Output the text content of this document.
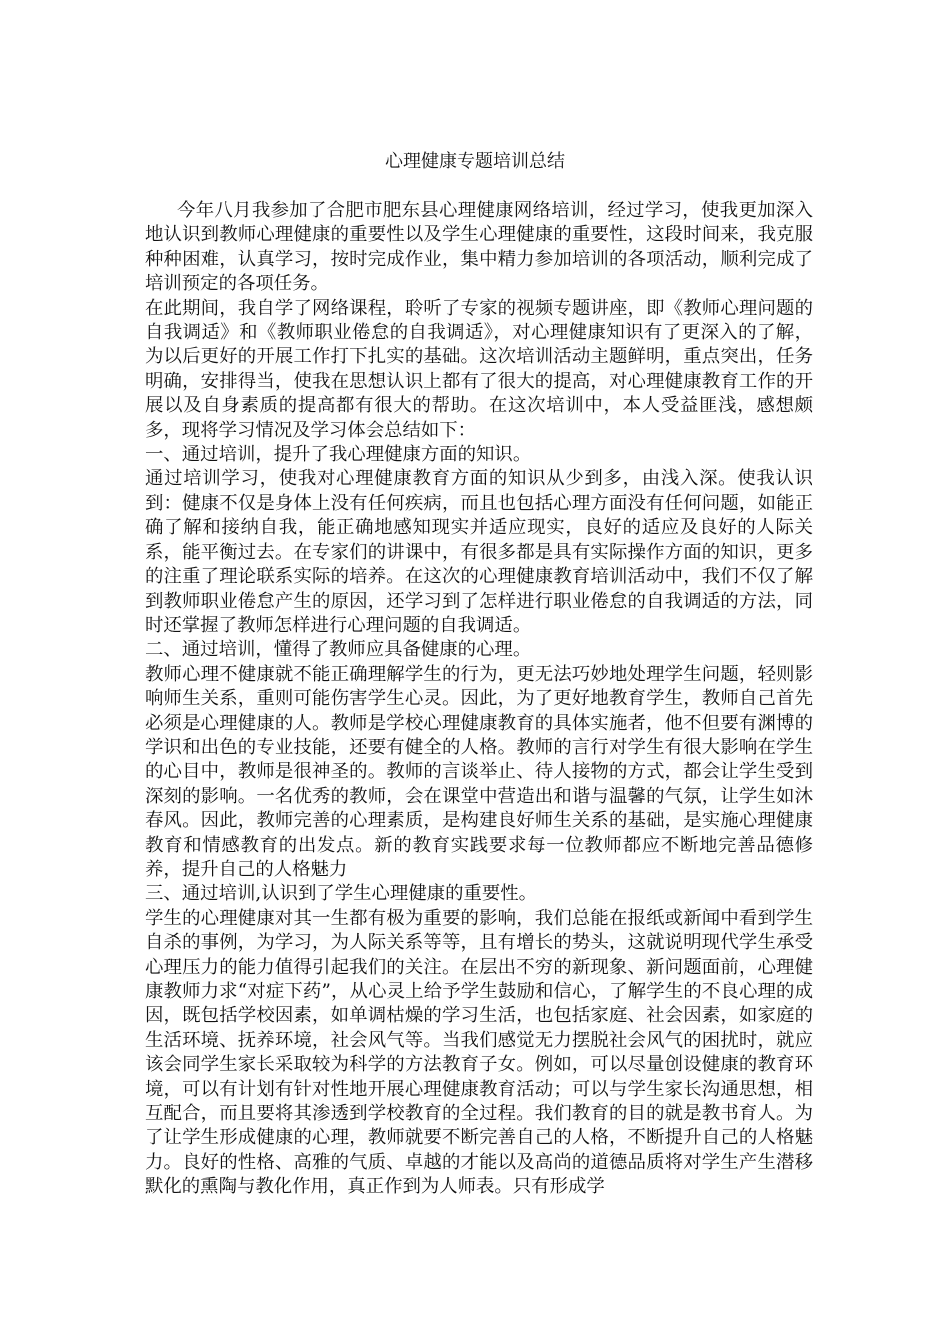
心理健康专题培训总结

今年八月我参加了合肥市肥东县心理健康网络培训，经过学习，使我更加深入地认识到教师心理健康的重要性以及学生心理健康的重要性，这段时间来，我克服种种困难，认真学习，按时完成作业，集中精力参加培训的各项活动，顺利完成了培训预定的各项任务。

在此期间，我自学了网络课程，聆听了专家的视频专题讲座，即《教师心理问题的自我调适》和《教师职业倦怠的自我调适》，对心理健康知识有了更深入的了解，为以后更好的开展工作打下扎实的基础。这次培训活动主题鲜明，重点突出，任务明确，安排得当，使我在思想认识上都有了很大的提高，对心理健康教育工作的开展以及自身素质的提高都有很大的帮助。在这次培训中，本人受益匪浅，感想颇多，现将学习情况及学习体会总结如下：

一、通过培训，提升了我心理健康方面的知识。

通过培训学习，使我对心理健康教育方面的知识从少到多，由浅入深。使我认识到：健康不仅是身体上没有任何疾病，而且也包括心理方面没有任何问题，如能正确了解和接纳自我，能正确地感知现实并适应现实，良好的适应及良好的人际关系，能平衡过去。在专家们的讲课中，有很多都是具有实际操作方面的知识，更多的注重了理论联系实际的培养。在这次的心理健康教育培训活动中，我们不仅了解到教师职业倦怠产生的原因，还学习到了怎样进行职业倦怠的自我调适的方法，同时还掌握了教师怎样进行心理问题的自我调适。

二、通过培训，懂得了教师应具备健康的心理。

教师心理不健康就不能正确理解学生的行为，更无法巧妙地处理学生问题，轻则影响师生关系，重则可能伤害学生心灵。因此，为了更好地教育学生，教师自己首先必须是心理健康的人。教师是学校心理健康教育的具体实施者，他不但要有渊博的学识和出色的专业技能，还要有健全的人格。教师的言行对学生有很大影响在学生的心目中，教师是很神圣的。教师的言谈举止、待人接物的方式，都会让学生受到深刻的影响。一名优秀的教师，会在课堂中营造出和谐与温馨的气氛，让学生如沐春风。因此，教师完善的心理素质，是构建良好师生关系的基础，是实施心理健康教育和情感教育的出发点。新的教育实践要求每一位教师都应不断地完善品德修养，提升自己的人格魅力

三、通过培训,认识到了学生心理健康的重要性。

学生的心理健康对其一生都有极为重要的影响，我们总能在报纸或新闻中看到学生自杀的事例，为学习，为人际关系等等，且有增长的势头，这就说明现代学生承受心理压力的能力值得引起我们的关注。在层出不穷的新现象、新问题面前，心理健康教师力求“对症下药”，从心灵上给予学生鼓励和信心，了解学生的不良心理的成因，既包括学校因素，如单调枯燥的学习生活，也包括家庭、社会因素，如家庭的生活环境、抚养环境，社会风气等。当我们感觉无力摆脱社会风气的困扰时，就应该会同学生家长采取较为科学的方法教育子女。例如，可以尽量创设健康的教育环境，可以有计划有针对性地开展心理健康教育活动；可以与学生家长沟通思想，相互配合，而且要将其渗透到学校教育的全过程。我们教育的目的就是教书育人。为了让学生形成健康的心理，教师就要不断完善自己的人格，不断提升自己的人格魅力。良好的性格、高雅的气质、卓越的才能以及高尚的道德品质将对学生产生潜移默化的熏陶与教化作用，真正作到为人师表。只有形成学
